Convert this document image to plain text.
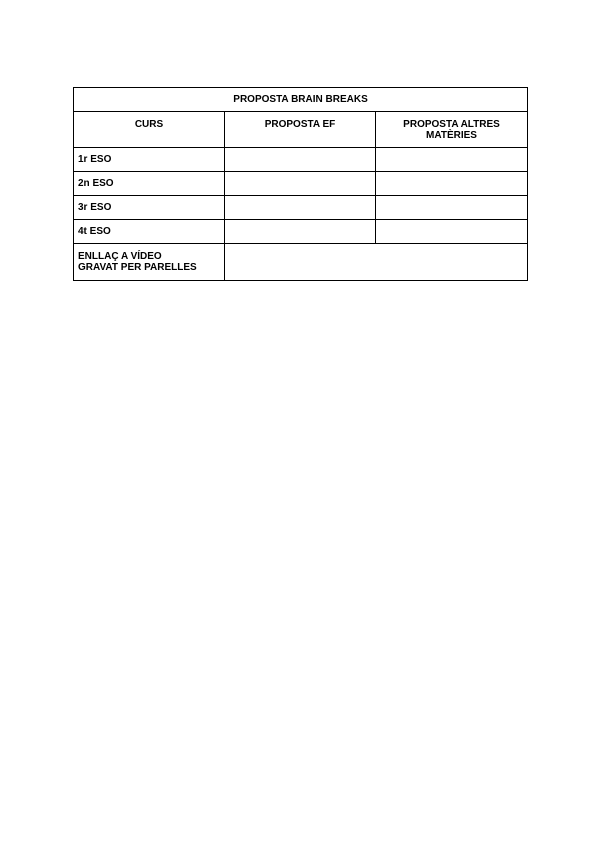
PROPOSTA BRAIN BREAKS		

CURS	PROPOSTA EF	PROPOSTA ALTRES
MATÈRIES

1r ESO		
2n ESO		
3r ESO		
4t ESO		

ENLLAÇ A VÍDEO
GRAVAT PER PARELLES		
